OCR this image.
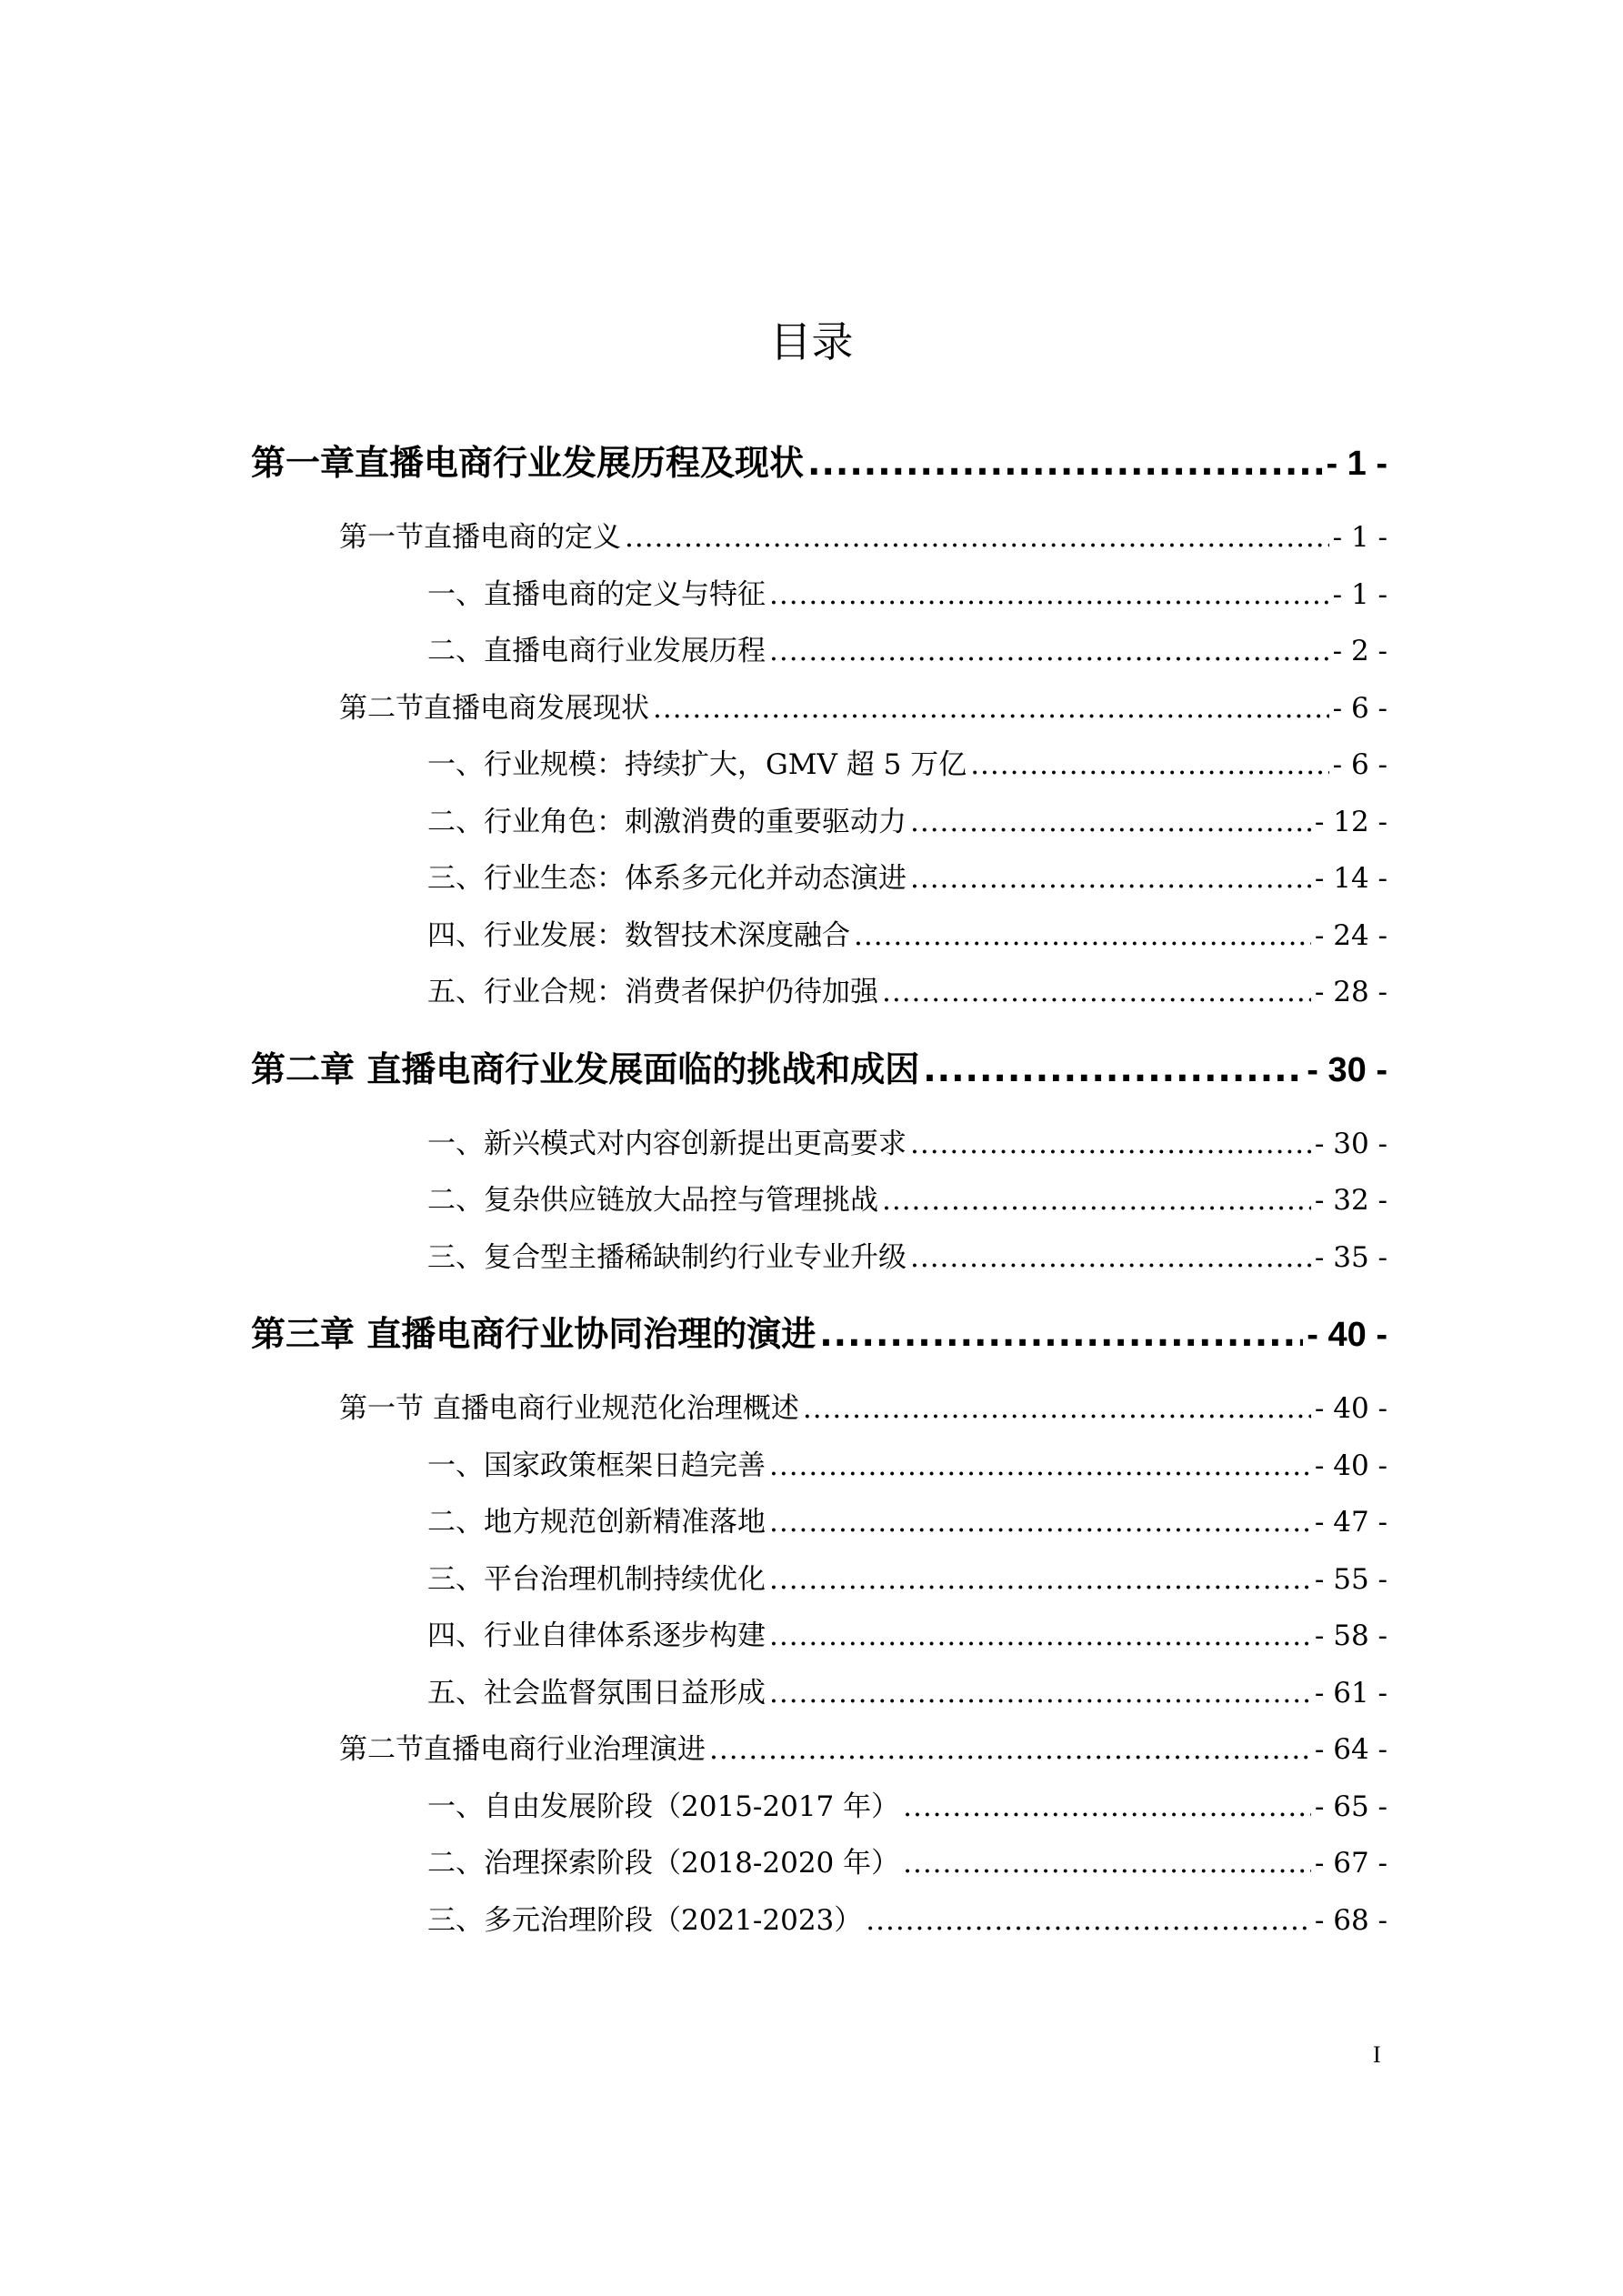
目录
第一章直播电商行业发展历程及现状 .....	- 1 -
第一节直播电商的定义 .....	- 1 -
一、直播电商的定义与特征 .....	- 1 -
二、直播电商行业发展历程 .....	- 2 -
第二节直播电商发展现状 .....	- 6 -
一、行业规模：持续扩大，GMV 超 5 万亿 .....	- 6 -
二、行业角色：刺激消费的重要驱动力 .....	- 12 -
三、行业生态：体系多元化并动态演进 .....	- 14 -
四、行业发展：数智技术深度融合 .....	- 24 -
五、行业合规：消费者保护仍待加强 .....	- 28 -
第二章 直播电商行业发展面临的挑战和成因 .....	- 30 -
一、新兴模式对内容创新提出更高要求 .....	- 30 -
二、复杂供应链放大品控与管理挑战 .....	- 32 -
三、复合型主播稀缺制约行业专业升级 .....	- 35 -
第三章 直播电商行业协同治理的演进 .....	- 40 -
第一节 直播电商行业规范化治理概述 .....	- 40 -
一、国家政策框架日趋完善 .....	- 40 -
二、地方规范创新精准落地 .....	- 47 -
三、平台治理机制持续优化 .....	- 55 -
四、行业自律体系逐步构建 .....	- 58 -
五、社会监督氛围日益形成 .....	- 61 -
第二节直播电商行业治理演进 .....	- 64 -
一、自由发展阶段（2015-2017 年） .....	- 65 -
二、治理探索阶段（2018-2020 年） .....	- 67 -
三、多元治理阶段（2021-2023） .....	- 68 -
I
